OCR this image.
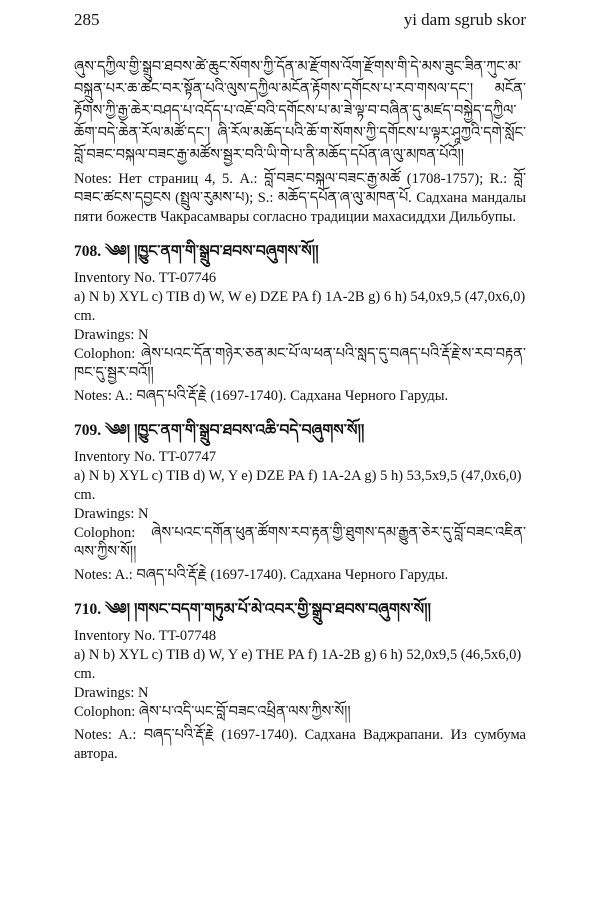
285	yi dam sgrub skor

ཞུས་དཀྱིལ་གྱི་སྒྲུབ་ཐབས་ཚེ་ཆུང་སོགས་ཀྱི་དོན་མ་རྫོགས་འོག་རྫོགས་གི་དེ་མས་ཟུང་ཟིན་ཀུང་མ་བསྐྲུན་པར་ཆ་ཚང་བར་སྟོན་པའི་ལུས་དཀྱིལ་མངོན་རྟོགས་དགོངས་པ་རབ་གསལ་དང་། མངོན་རྟོགས་ཀྱི་རྒྱ་ཆེར་བཤད་པ་འདོད་པ་འཇོ་བའི་དགོངས་པ་མ་ཟེ་ལྟ་བ་བཞིན་དུ་མཛད་བསྐྱེད་དཀྱིལ་ཆོག་བདེ་ཆེན་རོལ་མཚོ་དང་། ཞི་རོལ་མཆོད་པའི་ཆོ་ག་སོགས་ཀྱི་དགོངས་པ་ལྟར་ཤཱཀྱའི་དགེ་སློང་བློ་བཟང་བསྐལ་བཟང་རྒྱ་མཚོས་སྦྱར་བའི་ཡི་གེ་པ་ནི་མཆོད་དཔོན་ཞ་ལུ་མཁན་པོའོ།།

Notes: Нет страниц 4, 5. A.: བློ་བཟང་བསྐལ་བཟང་རྒྱ་མཚོ (1708-1757); R.: བློ་བཟང་ཚངས་དབྱངས (སྤྲུལ་རུམས་པ); S.: མཆོད་དཔོན་ཞ་ལུ་མཁན་པོ. Садхана мандалы пяти божеств Чакрасамвары согласно традиции махасиддхи Дильбупы.

708. ༄༅། །ཁྱུང་ནག་གི་སྒྲུབ་ཐབས་བཞུགས་སོ།།

Inventory No. TT-07746

a) N b) XYL c) TIB d) W, W e) DZE PA f) 1A-2B g) 6 h) 54,0x9,5 (47,0x6,0) cm.

Drawings: N

Colophon: ཞེས་པའང་དོན་གཉེར་ཅན་མང་པོ་ལ་ཕན་པའི་སླད་དུ་བཞད་པའི་རྡོ་རྗེ་ས་རབ་བརྟན་ཁང་དུ་སྦྱར་བའོ།།

Notes: A.: བཞད་པའི་རྡོ་རྗེ (1697-1740). Садхана Черного Гаруды.

709. ༄༅། །ཁྱུང་ནག་གི་སྒྲུབ་ཐབས་འཆི་བདེ་བཞུགས་སོ།།

Inventory No. TT-07747

a) N b) XYL c) TIB d) W, Y e) DZE PA f) 1A-2A g) 5 h) 53,5x9,5 (47,0x6,0) cm.

Drawings: N

Colophon: ཞེས་པའང་དགོན་ཕུན་ཚོགས་རབ་རྟན་གྱི་ཐུགས་དམ་རྒྱུན་ཅེར་དུ་བློ་བཟང་འཇིན་ལས་ཀྱིས་སོ།།

Notes: A.: བཞད་པའི་རྡོ་རྗེ (1697-1740). Садхана Черного Гаруды.

710. ༄༅། །གསང་བདག་གཏུམ་པོ་མེ་འབར་གྱི་སྒྲུབ་ཐབས་བཞུགས་སོ།།

Inventory No. TT-07748

a) N b) XYL c) TIB d) W, Y e) THE PA f) 1A-2B g) 6 h) 52,0x9,5 (46,5x6,0) cm.

Drawings: N

Colophon: ཞེས་པ་འདི་ཡང་བློ་བཟང་འཕྲིན་ལས་ཀྱིས་སོ།།

Notes: A.: བཞད་པའི་རྡོ་རྗེ (1697-1740). Садхана Ваджрапани. Из сумбума автора.
